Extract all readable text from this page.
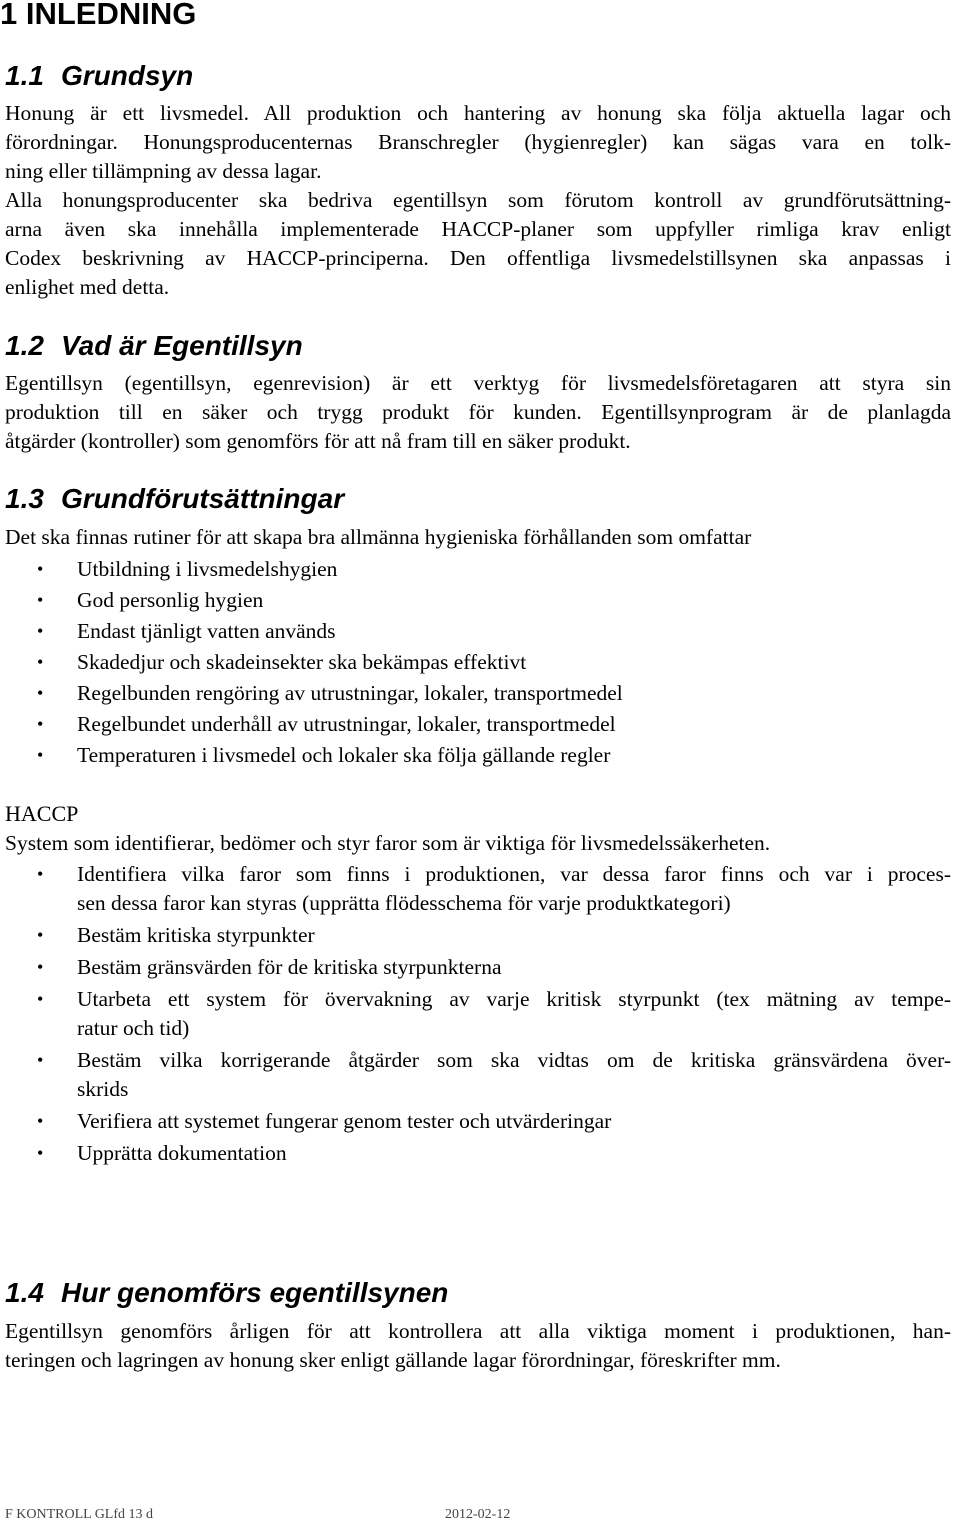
1 INLEDNING
1.1 Grundsyn
Honung är ett livsmedel. All produktion och hantering av honung ska följa aktuella lagar och
förordningar. Honungsproducenternas Branschregler (hygienregler) kan sägas vara en tolk-
ning eller tillämpning av dessa lagar.
Alla honungsproducenter ska bedriva egentillsyn som förutom kontroll av grundförutsättning-
arna även ska innehålla implementerade HACCP-planer som uppfyller rimliga krav enligt
Codex beskrivning av HACCP-principerna. Den offentliga livsmedelstillsynen ska anpassas i
enlighet med detta.
1.2 Vad är Egentillsyn
Egentillsyn (egentillsyn, egenrevision) är ett verktyg för livsmedelsföretagaren att styra sin
produktion till en säker och trygg produkt för kunden. Egentillsynprogram är de planlagda
åtgärder (kontroller) som genomförs för att nå fram till en säker produkt.
1.3 Grundförutsättningar
Det ska finnas rutiner för att skapa bra allmänna hygieniska förhållanden som omfattar
• Utbildning i livsmedelshygien
• God personlig hygien
• Endast tjänligt vatten används
• Skadedjur och skadeinsekter ska bekämpas effektivt
• Regelbunden rengöring av utrustningar, lokaler, transportmedel
• Regelbundet underhåll av utrustningar, lokaler, transportmedel
• Temperaturen i livsmedel och lokaler ska följa gällande regler
HACCP
System som identifierar, bedömer och styr faror som är viktiga för livsmedelssäkerheten.
• Identifiera vilka faror som finns i produktionen, var dessa faror finns och var i proces-
sen dessa faror kan styras (upprätta flödesschema för varje produktkategori)
• Bestäm kritiska styrpunkter
• Bestäm gränsvärden för de kritiska styrpunkterna
• Utarbeta ett system för övervakning av varje kritisk styrpunkt (tex mätning av tempe-
ratur och tid)
• Bestäm vilka korrigerande åtgärder som ska vidtas om de kritiska gränsvärdena över-
skrids
• Verifiera att systemet fungerar genom tester och utvärderingar
• Upprätta dokumentation
1.4 Hur genomförs egentillsynen
Egentillsyn genomförs årligen för att kontrollera att alla viktiga moment i produktionen, han-
teringen och lagringen av honung sker enligt gällande lagar förordningar, föreskrifter mm.
F KONTROLL GLfd 13 d	2012-02-12
